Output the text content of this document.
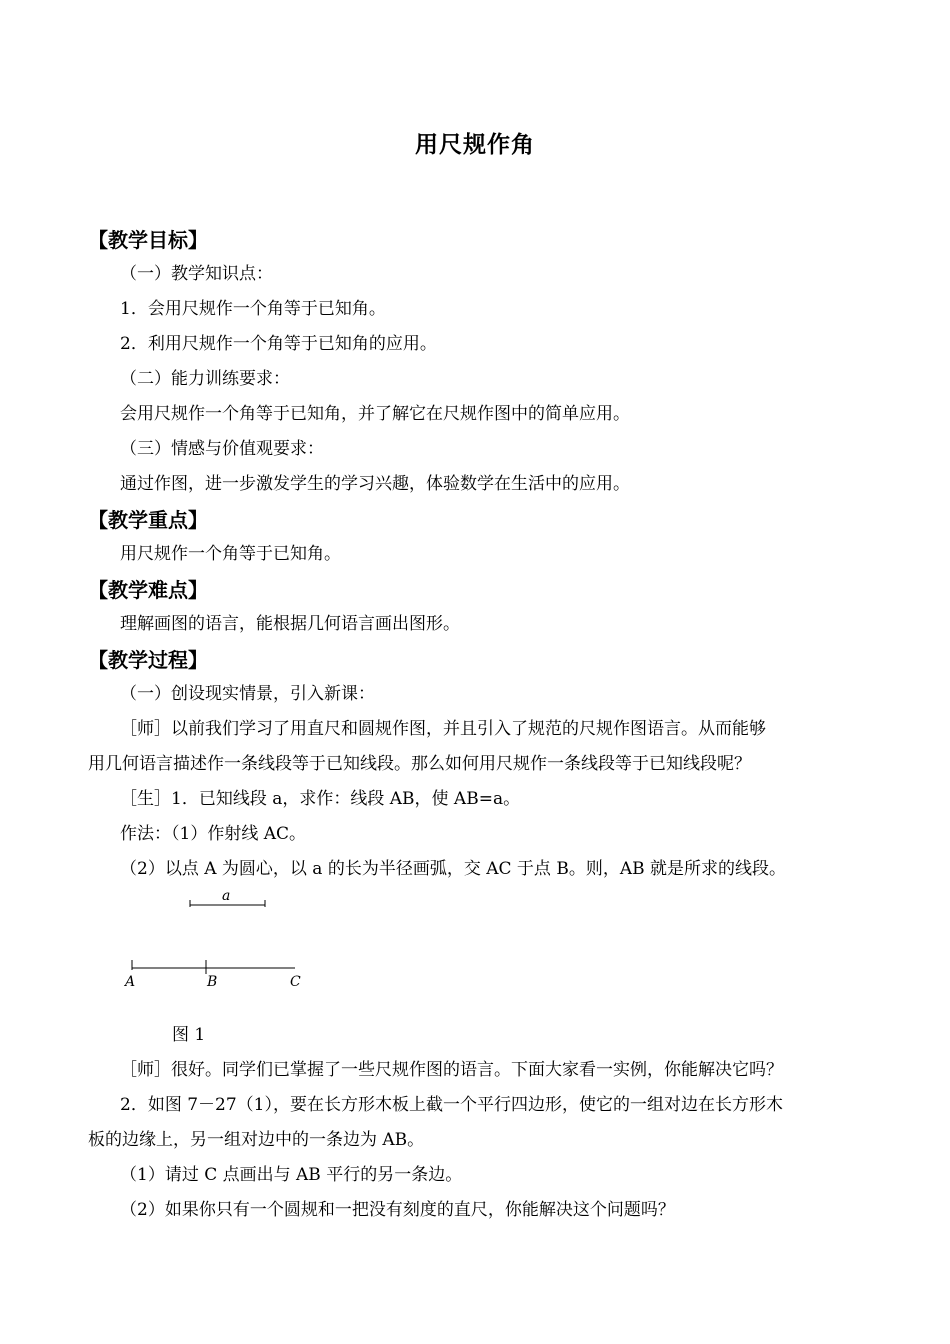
用尺规作角
【教学目标】
（一）教学知识点：
1．会用尺规作一个角等于已知角。
2．利用尺规作一个角等于已知角的应用。
（二）能力训练要求：
会用尺规作一个角等于已知角，并了解它在尺规作图中的简单应用。
（三）情感与价值观要求：
通过作图，进一步激发学生的学习兴趣，体验数学在生活中的应用。
【教学重点】
用尺规作一个角等于已知角。
【教学难点】
理解画图的语言，能根据几何语言画出图形。
【教学过程】
（一）创设现实情景，引入新课：
［师］以前我们学习了用直尺和圆规作图，并且引入了规范的尺规作图语言。从而能够
用几何语言描述作一条线段等于已知线段。那么如何用尺规作一条线段等于已知线段呢？
［生］1．已知线段 a，求作：线段 AB，使 AB=a。
作法：（1）作射线 AC。
（2）以点 A 为圆心，以 a 的长为半径画弧，交 AC 于点 B。则，AB 就是所求的线段。
a
A	B	C
图 1
［师］很好。同学们已掌握了一些尺规作图的语言。下面大家看一实例，你能解决它吗？
2．如图 7－27（1），要在长方形木板上截一个平行四边形，使它的一组对边在长方形木
板的边缘上，另一组对边中的一条边为 AB。
（1）请过 C 点画出与 AB 平行的另一条边。
（2）如果你只有一个圆规和一把没有刻度的直尺，你能解决这个问题吗？
